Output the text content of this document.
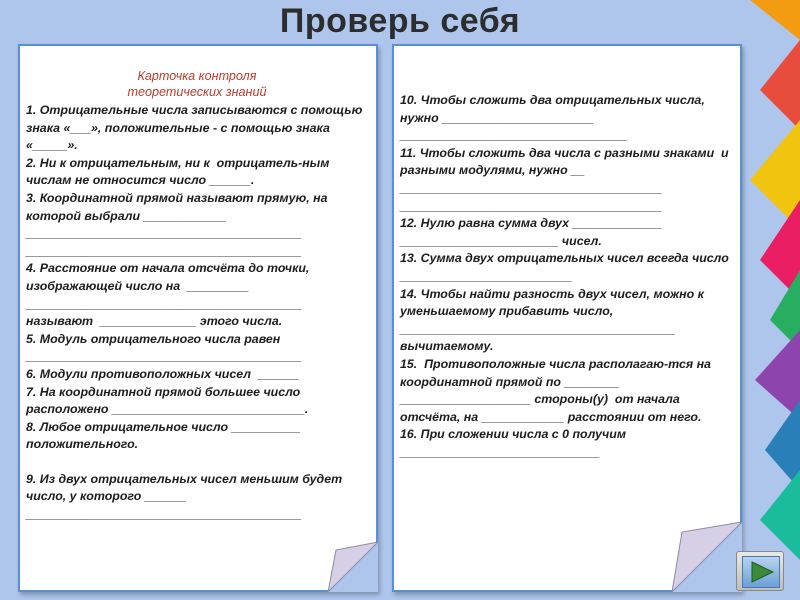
Проверь себя
Карточка контроля
теоретических знаний
1. Отрицательные числа записываются с помощью знака «___», положительные - с помощью знака «_____».
2. Ни к отрицательным, ни к  отрицатель-ным числам не относится число ______.
3. Координатной прямой называют прямую, на которой выбрали ____________
________________________________________
________________________________________
4. Расстояние от начала отсчёта до точки, изображающей число на  _________
________________________________________
называют  ______________ этого числа.
5. Модуль отрицательного числа равен
________________________________________
6. Модули противоположных чисел  ______
7. На координатной прямой большее число расположено ____________________________.
8. Любое отрицательное число __________ положительного.
9. Из двух отрицательных чисел меньшим будет число, у которого ______
________________________________________
10. Чтобы сложить два отрицательных числа, нужно ______________________
_________________________________
11. Чтобы сложить два числа с разными знаками  и разными модулями, нужно __
______________________________________
______________________________________
12. Нулю равна сумма двух _____________
_______________________ чисел.
13. Сумма двух отрицательных чисел всегда число _________________________
14. Чтобы найти разность двух чисел, можно к уменьшаемому прибавить число,
________________________________________
вычитаемому.
15.  Противоположные числа располагаю-тся на координатной прямой по ________
___________________ стороны(у)  от начала  отсчёта, на ____________ расстоянии от него.
16. При сложении числа с 0 получим
_____________________________
